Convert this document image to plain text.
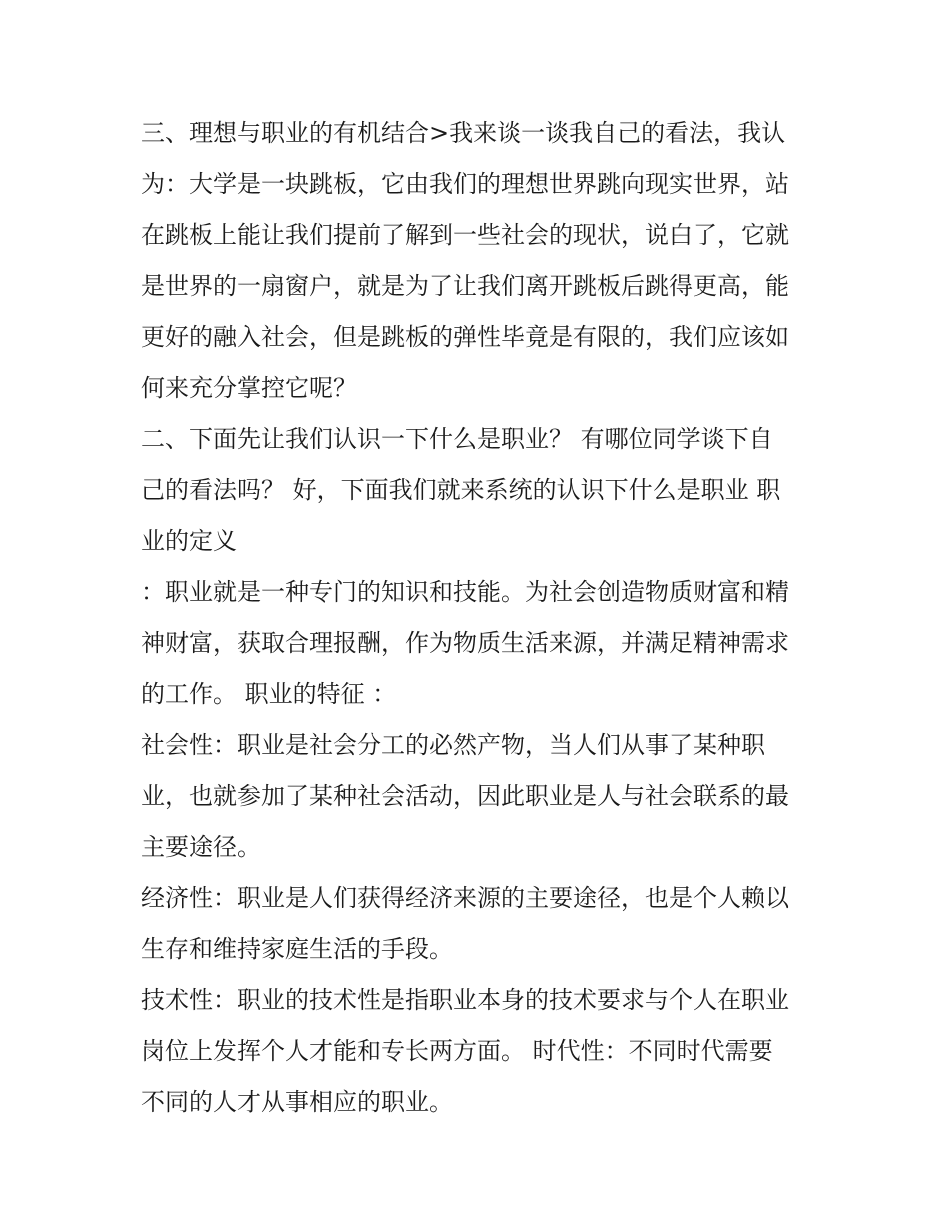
三、理想与职业的有机结合>我来谈一谈我自己的看法，我认
为：大学是一块跳板，它由我们的理想世界跳向现实世界，站
在跳板上能让我们提前了解到一些社会的现状，说白了，它就
是世界的一扇窗户，就是为了让我们离开跳板后跳得更高，能
更好的融入社会，但是跳板的弹性毕竟是有限的，我们应该如
何来充分掌控它呢？
二、下面先让我们认识一下什么是职业？ 有哪位同学谈下自
己的看法吗？ 好，下面我们就来系统的认识下什么是职业 职
业的定义
：职业就是一种专门的知识和技能。为社会创造物质财富和精
神财富，获取合理报酬，作为物质生活来源，并满足精神需求
的工作。 职业的特征 ：
社会性：职业是社会分工的必然产物，当人们从事了某种职
业，也就参加了某种社会活动，因此职业是人与社会联系的最
主要途径。
经济性：职业是人们获得经济来源的主要途径，也是个人赖以
生存和维持家庭生活的手段。
技术性：职业的技术性是指职业本身的技术要求与个人在职业
岗位上发挥个人才能和专长两方面。 时代性：不同时代需要
不同的人才从事相应的职业。
